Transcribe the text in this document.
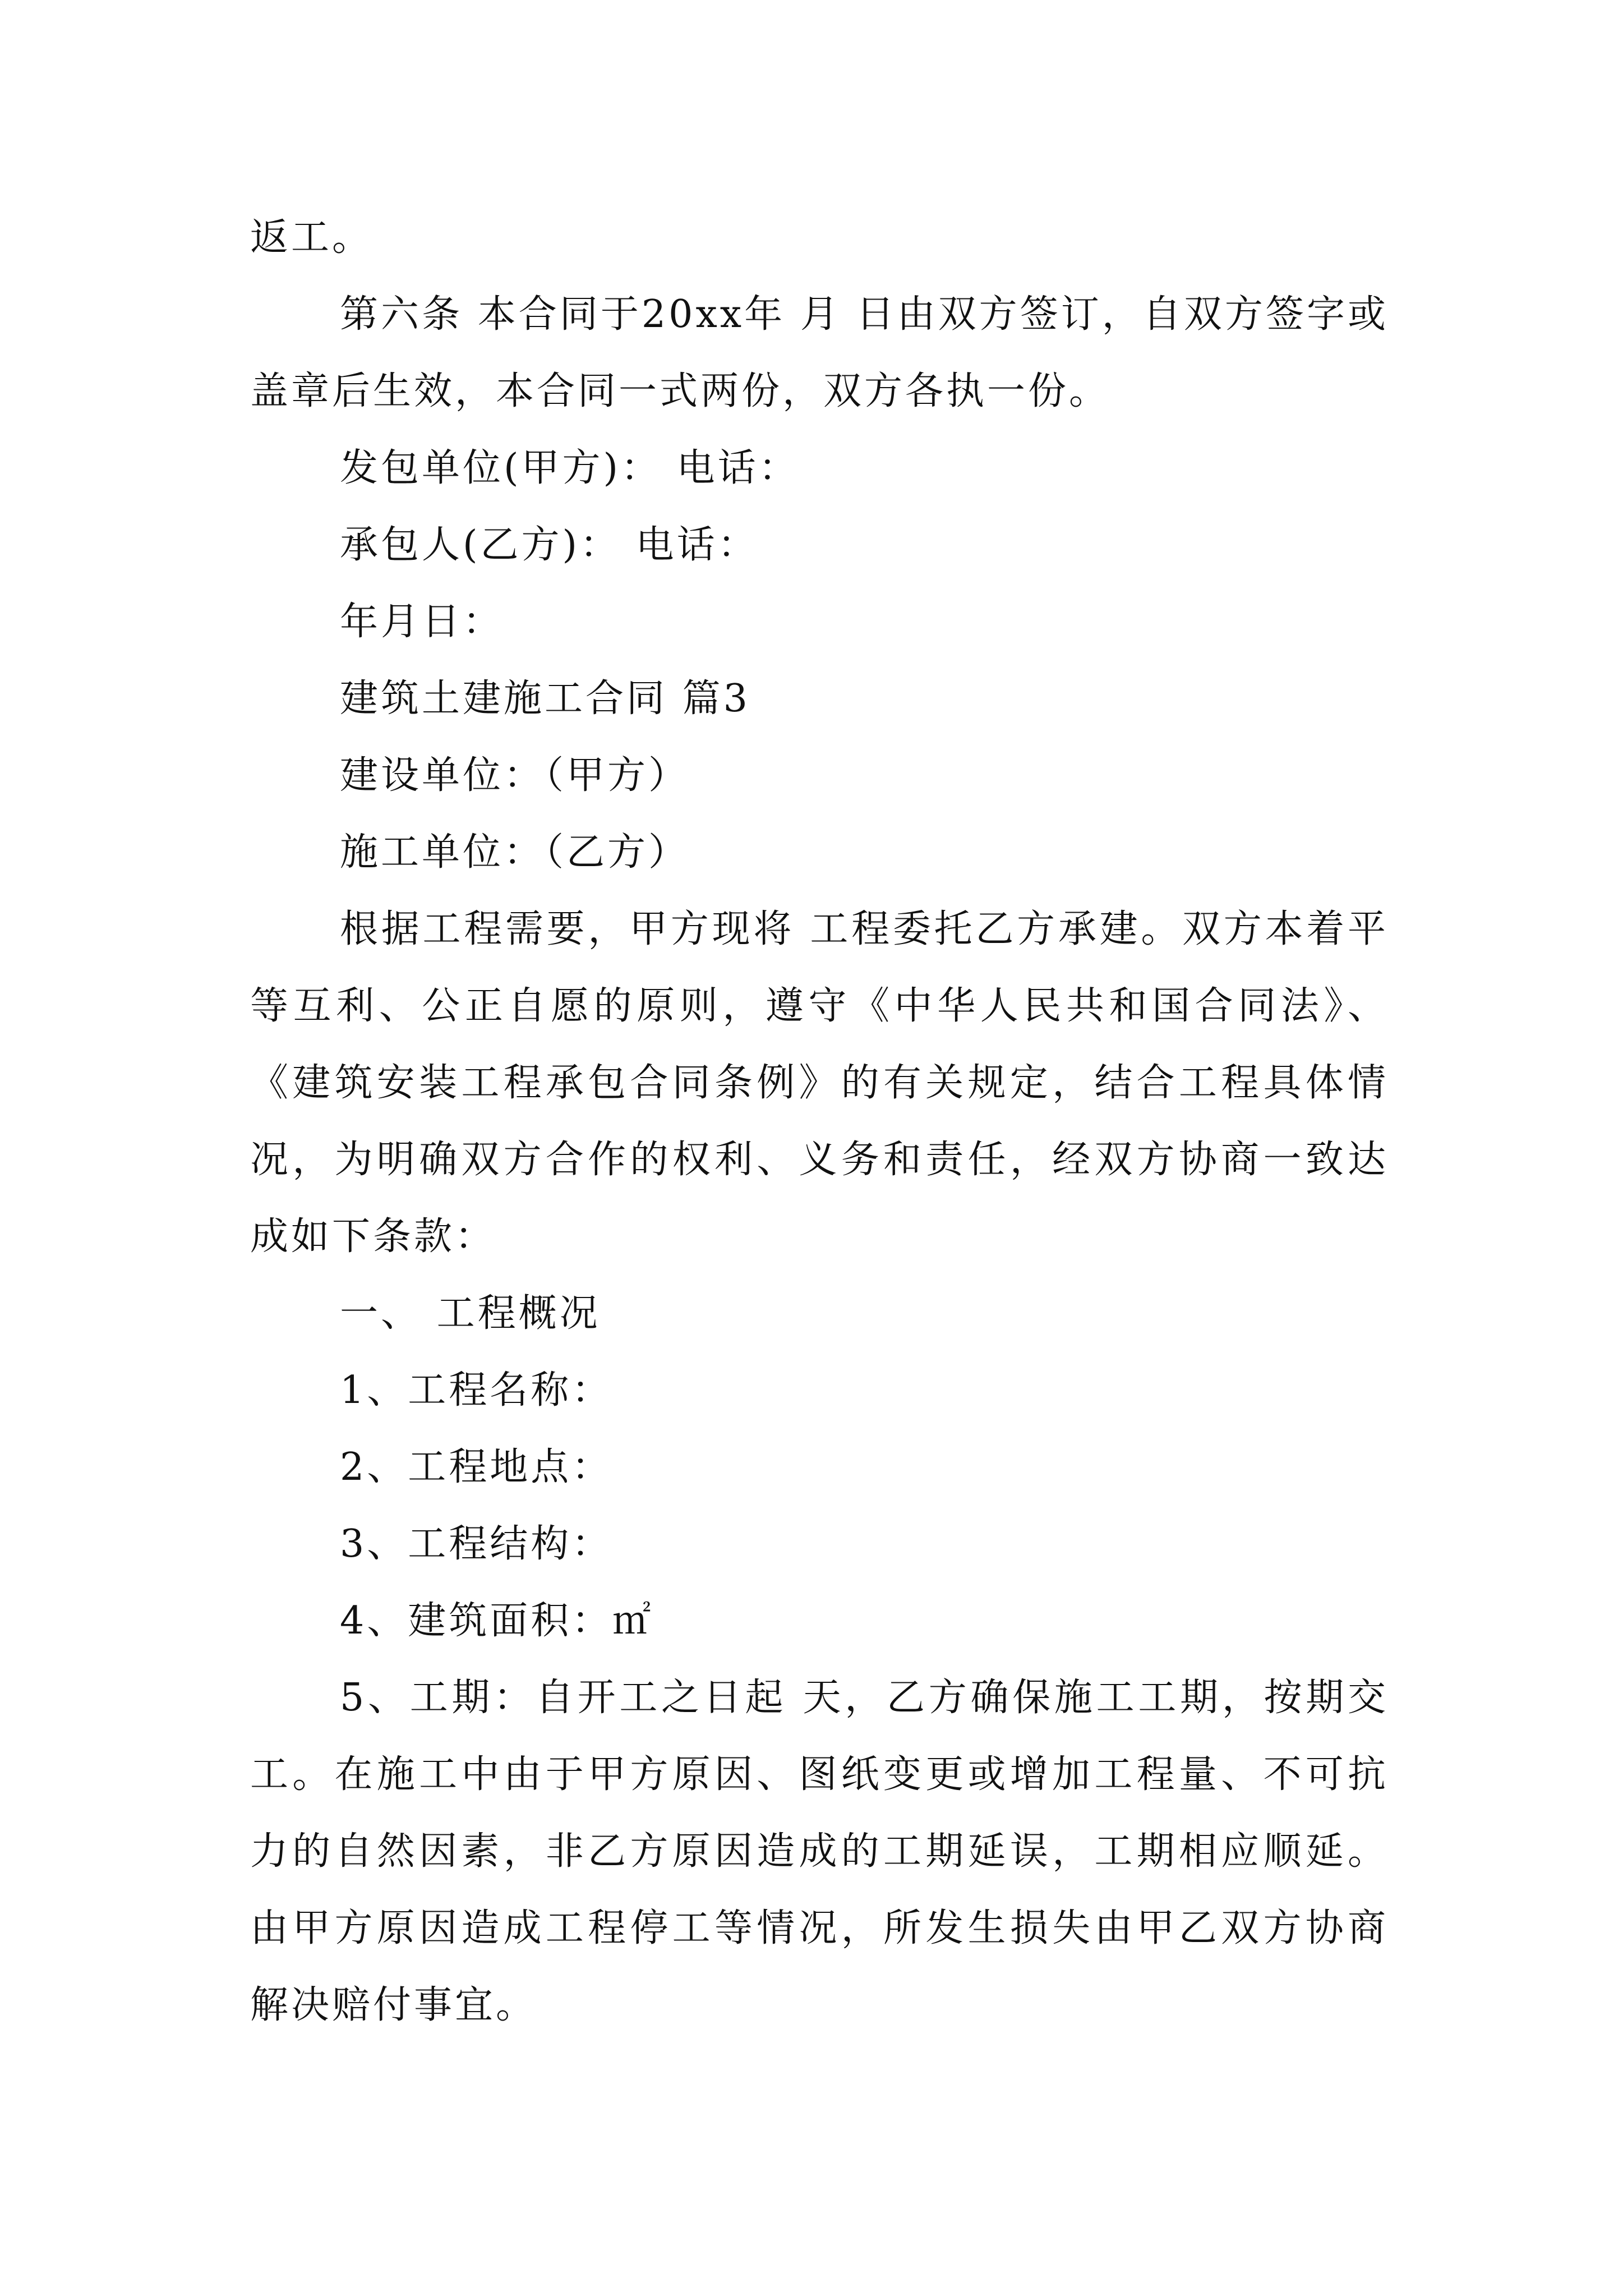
返工。

第六条 本合同于20xx年 月 日由双方签订，自双方签字或盖章后生效，本合同一式两份，双方各执一份。

发包单位(甲方)： 电话：

承包人(乙方)： 电话：

年月日：

建筑土建施工合同 篇3

建设单位：（甲方）

施工单位：（乙方）

根据工程需要，甲方现将 工程委托乙方承建。双方本着平等互利、公正自愿的原则，遵守《中华人民共和国合同法》、《建筑安装工程承包合同条例》的有关规定，结合工程具体情况，为明确双方合作的权利、义务和责任，经双方协商一致达成如下条款：

一、 工程概况

1、工程名称：

2、工程地点：

3、工程结构：

4、建筑面积：㎡

5、工期：自开工之日起 天，乙方确保施工工期，按期交工。在施工中由于甲方原因、图纸变更或增加工程量、不可抗力的自然因素，非乙方原因造成的工期延误，工期相应顺延。由甲方原因造成工程停工等情况，所发生损失由甲乙双方协商解决赔付事宜。
